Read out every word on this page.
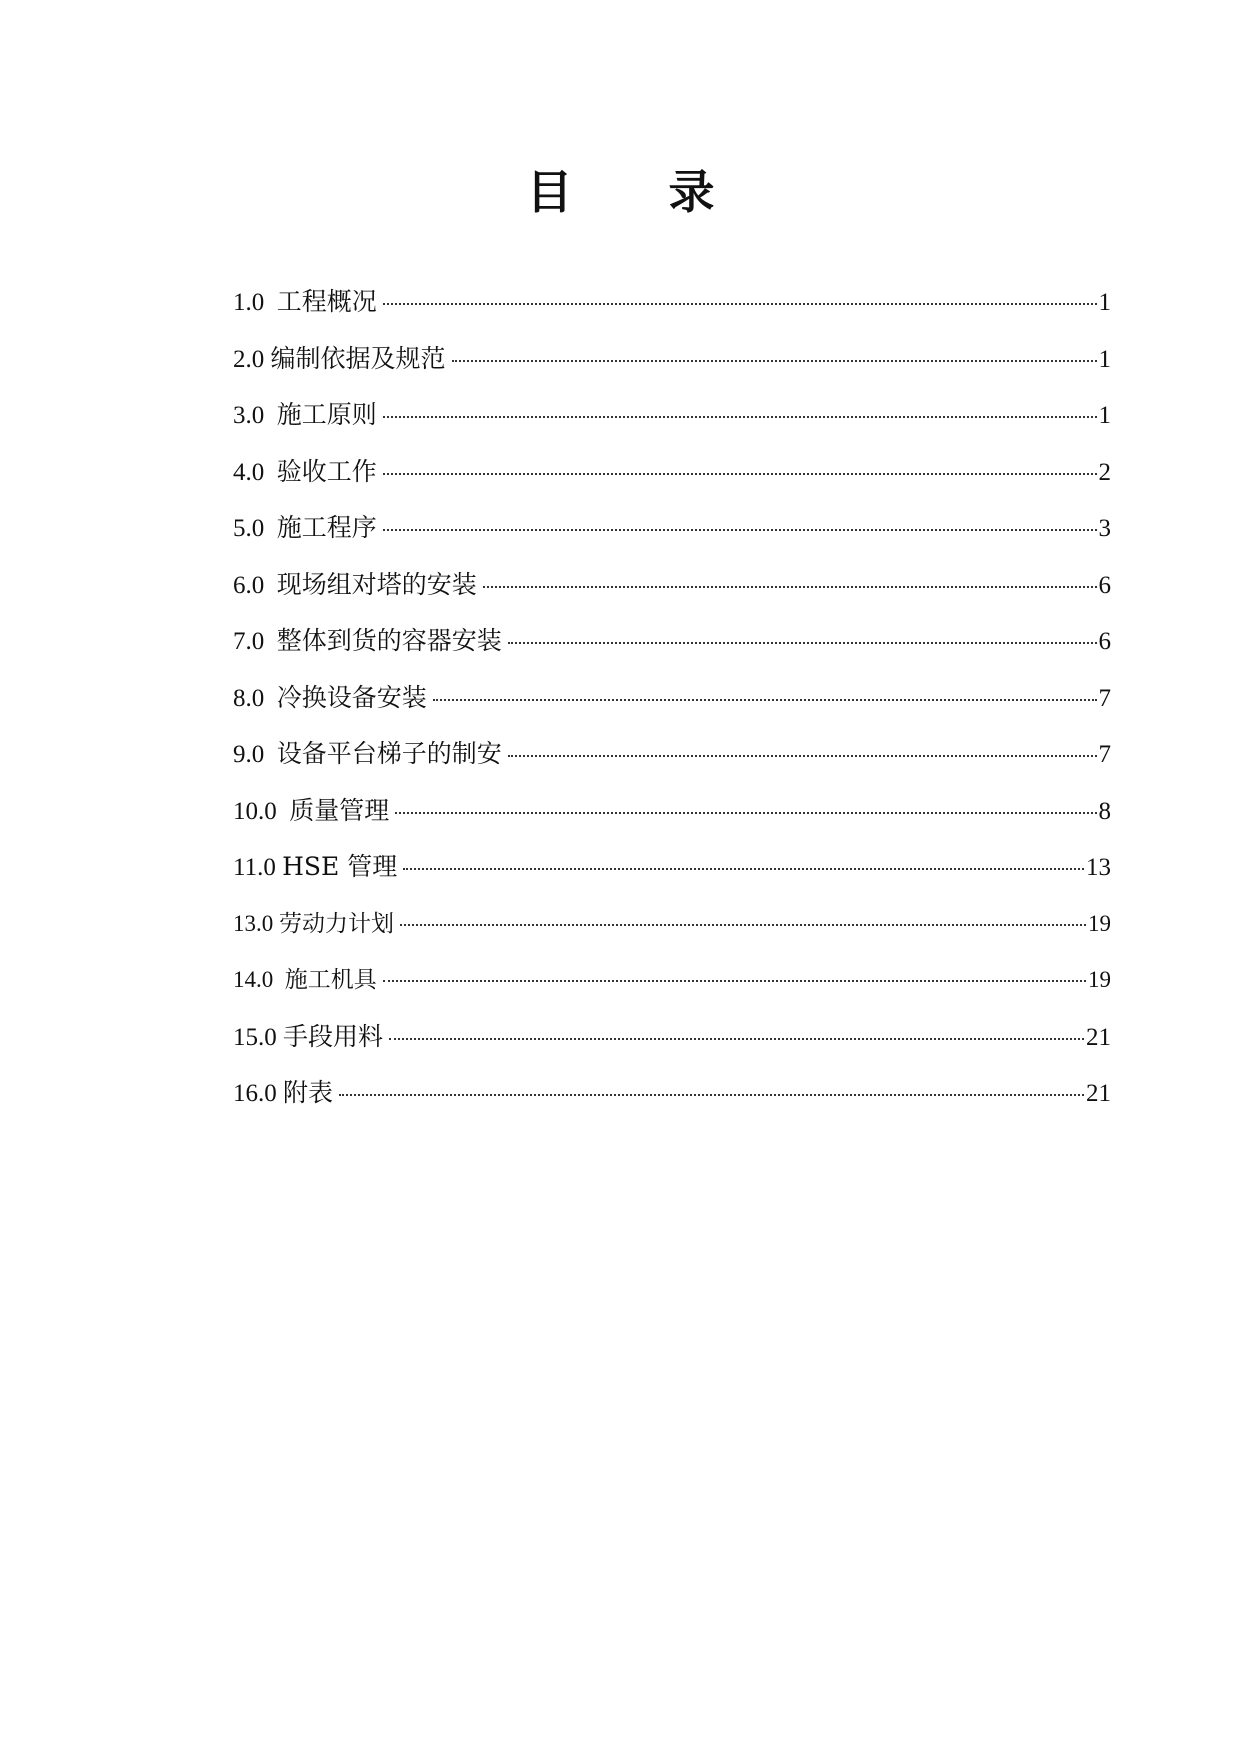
目 录
1.0 工程概况	1
2.0 编制依据及规范	1
3.0 施工原则	1
4.0 验收工作	2
5.0 施工程序	3
6.0 现场组对塔的安装	6
7.0 整体到货的容器安装	6
8.0 冷换设备安装	7
9.0 设备平台梯子的制安	7
10.0 质量管理	8
11.0 HSE 管理	13
13.0 劳动力计划	19
14.0 施工机具	19
15.0 手段用料	21
16.0 附表	21
